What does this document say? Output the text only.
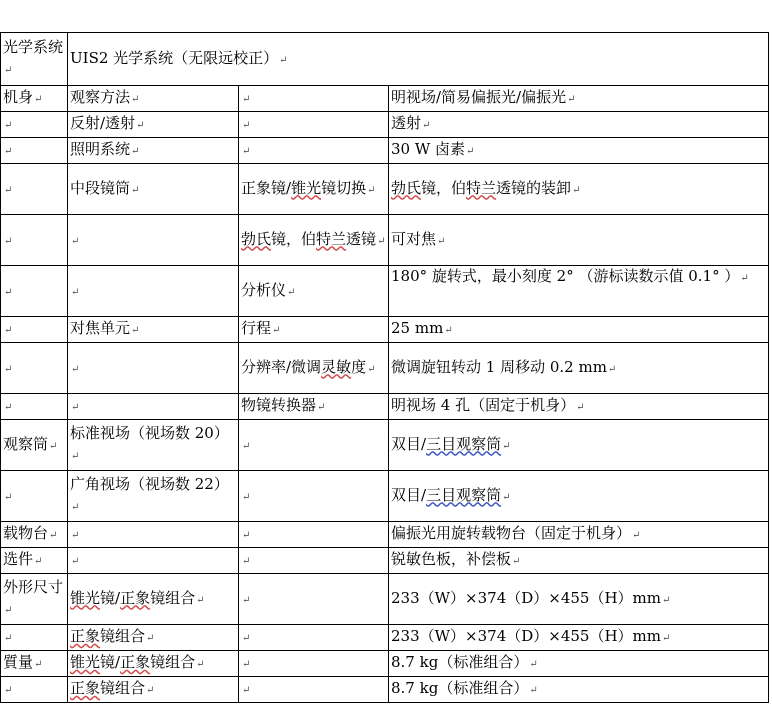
光学系统↵	UIS2 光学系统（无限远校正）↵		
机身↵	观察方法↵	↵	明视场/简易偏振光/偏振光↵
↵	反射/透射↵	↵	透射↵
↵	照明系统↵	↵	30 W 卤素↵
↵	中段镜筒↵	正象镜/锥光镜切换↵	勃氏镜，伯特兰透镜的装卸↵
↵	↵	勃氏镜，伯特兰透镜↵	可对焦↵
↵	↵	分析仪↵	180° 旋转式，最小刻度 2° （游标读数示值 0.1° ）↵
↵	对焦单元↵	行程↵	25 mm↵
↵	↵	分辨率/微调灵敏度↵	微调旋钮转动 1 周移动 0.2 mm↵
↵	↵	物镜转换器↵	明视场 4 孔（固定于机身）↵
观察筒↵	标准视场（视场数 20）↵	↵	双目/三目观察筒↵
↵	广角视场（视场数 22）↵	↵	双目/三目观察筒↵
载物台↵	↵	↵	偏振光用旋转载物台（固定于机身）↵
选件↵	↵	↵	锐敏色板，补偿板↵
外形尺寸↵	锥光镜/正象镜组合↵	↵	233（W）×374（D）×455（H）mm↵
↵	正象镜组合↵	↵	233（W）×374（D）×455（H）mm↵
質量↵	锥光镜/正象镜组合↵	↵	8.7 kg（标准组合）↵
↵	正象镜组合↵	↵	8.7 kg（标准组合）↵
